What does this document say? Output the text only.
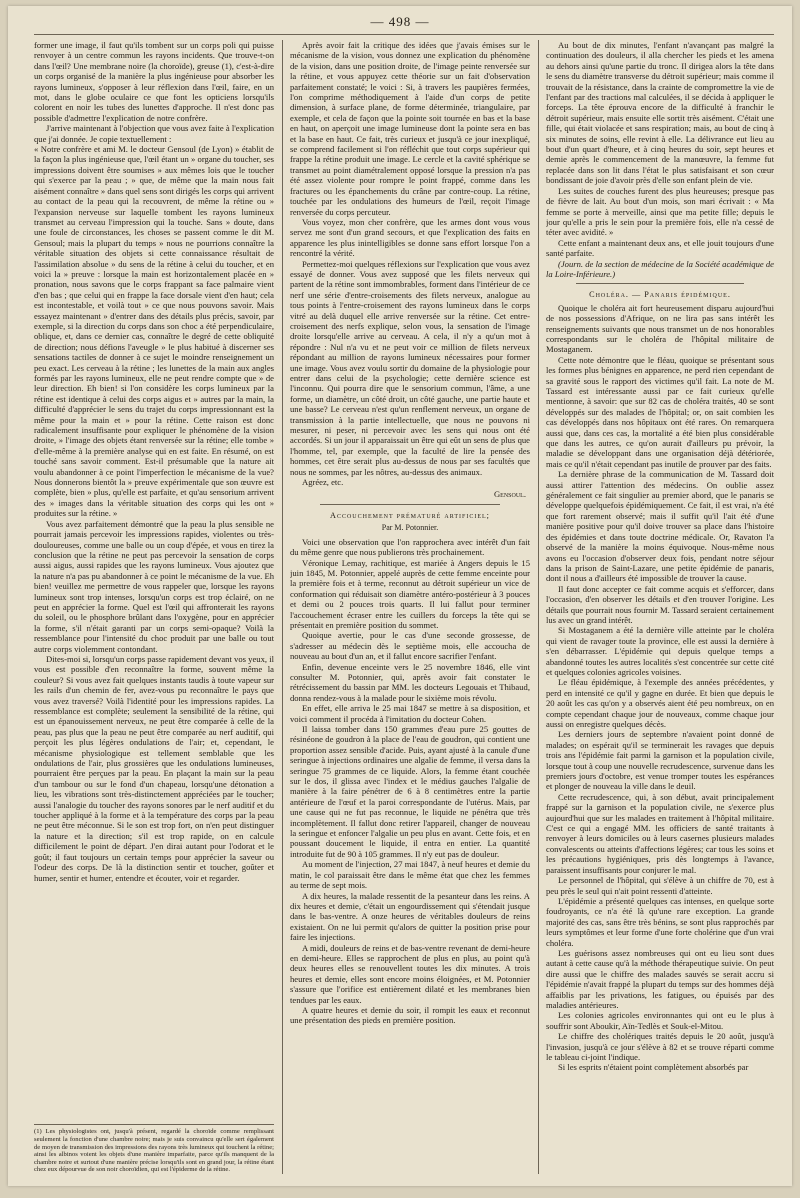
— 498 —

former une image, il faut qu'ils tombent sur un corps poli qui puisse renvoyer à un centre commun les rayons incidents. Que trouve-t-on dans l'œil? Une membrane noire (la choroïde), greuse (1), c'est-à-dire un corps organisé de la manière la plus ingénieuse pour absorber les rayons lumineux, s'opposer à leur réflexion dans l'œil, faire, en un mot, dans le globe oculaire ce que font les opticiens lorsqu'ils colorent en noir les tubes des lunettes d'approche. Il n'est donc pas possible d'admettre l'explication de notre confrère.

J'arrive maintenant à l'objection que vous avez faite à l'explication que j'ai donnée. Je copie textuellement :

« Notre confrère et ami M. le docteur Gensoul (de Lyon) » établit de la façon la plus ingénieuse que, l'œil étant un » organe du toucher, ses impressions doivent être soumises » aux mêmes lois que le toucher qui s'exerce par la peau ; » que, de même que la main nous fait aisément connaître » dans quel sens sont dirigés les corps qui arrivent au contact de la peau qui la recouvrent, de même la rétine ou » l'expansion nerveuse sur laquelle tombent les rayons lumineux transmet au cerveau l'impression qui la touche. Sans » doute, dans une foule de circonstances, les choses se passent comme le dit M. Gensoul; mais la plupart du temps » nous ne pourrions connaître la véritable situation des objets si cette connaissance résultait de l'assimilation absolue » du sens de la rétine à celui du toucher, et en voici la » preuve : lorsque la main est horizontalement placée en » pronation, nous savons que le corps frappant sa face palmaire vient d'en bas ; que celui qui en frappe la face dorsale vient d'en haut; cela est incontestable, et voilà tout » ce que nous pouvons savoir. Mais essayez maintenant » d'entrer dans des détails plus précis, savoir, par exemple, si la direction du corps dans son choc a été perpendiculaire, oblique, et, dans ce dernier cas, connaître le degré de cette obliquité de direction; nous défions l'aveugle » le plus habitué à discerner ses sensations tactiles de donner à ce sujet le moindre renseignement un peu exact. Les cerveau à la rétine ; les lunettes de la main aux angles formés par les rayons lumineux, elle ne peut rendre compte que » de leur direction. Eh bien! si l'on considère les corps lumineux par la rétine est identique à celui des corps aigus et » autres par la main, la difficulté d'apprécier le sens du trajet du corps impressionnant est la même pour la main et » pour la rétine. Cette raison est donc radicalement insuffisante pour expliquer le phénomène de la vision droite, » l'image des objets étant renversée sur la rétine; elle tombe » d'elle-même à la première analyse qui en est faite. En résumé, on est touché sans savoir comment. Est-il présumable que la nature ait voulu abandonner à ce point l'imperfection le mécanisme de la vue? Nous donnerons bientôt la » preuve expérimentale que son œuvre est complète, bien » plus, qu'elle est parfaite, et qu'au sensorium arrivent des » images dans la véritable situation des corps qui les ont » produites sur la rétine. »

Vous avez parfaitement démontré que la peau la plus sensible ne pourrait jamais percevoir les impressions rapides, violentes ou très-douloureuses, comme une balle ou un coup d'épée, et vous en tirez la conclusion que la rétine ne peut pas percevoir la sensation de corps aussi aigus, aussi rapides que les rayons lumineux. Vous ajoutez que la nature n'a pas pu abandonner à ce point le mécanisme de la vue. Eh bien! veuillez me permettre de vous rappeler que, lorsque les rayons lumineux sont trop intenses, lorsqu'un corps est trop éclairé, on ne peut en apprécier la forme. Quel est l'œil qui affronterait les rayons du soleil, ou le phosphore brûlant dans l'oxygène, pour en apprécier la forme, s'il n'était garanti par un corps semi-opaque? Voilà la ressemblance pour l'intensité du choc produit par une balle ou tout autre corps violemment contondant.

Dites-moi si, lorsqu'un corps passe rapidement devant vos yeux, il vous est possible d'en reconnaître la forme, souvent même la couleur? Si vous avez fait quelques instants taudis à toute vapeur sur les rails d'un chemin de fer, avez-vous pu reconnaître le pays que vous avez traversé? Voilà l'identité pour les impressions rapides. La ressemblance est complète; seulement la sensibilité de la rétine, qui est un épanouissement nerveux, ne peut être comparée à celle de la peau, pas plus que la peau ne peut être comparée au nerf auditif, qui perçoit les plus légères ondulations de l'air; et, cependant, le mécanisme physiologique est tellement semblable que les ondulations de l'air, plus grossières que les ondulations lumineuses, pourraient être perçues par la peau. En plaçant la main sur la peau d'un tambour ou sur le fond d'un chapeau, lorsqu'une détonation a lieu, les vibrations sont très-distinctement appréciées par le toucher; aussi l'analogie du toucher des rayons sonores par le nerf auditif et du toucher appliqué à la forme et à la température des corps par la peau ne peut être méconnue. Si le son est trop fort, on n'en peut distinguer la nature et la direction; s'il est trop rapide, on en calcule difficilement le point de départ. J'en dirai autant pour l'odorat et le goût; il faut toujours un certain temps pour apprécier la saveur ou l'odeur des corps. De là la distinction sentir et toucher, goûter et humer, sentir et humer, entendre et écouter, voir et regarder.

(1) Les physiologistes ont, jusqu'à présent, regardé la choroïde comme remplissant seulement la fonction d'une chambre noire; mais je suis convaincu qu'elle sert également de moyen de transmission des impressions des rayons très lumineux qui touchent la rétine; ainsi les albinos voient les objets d'une manière imparfaite, parce qu'ils manquent de la chambre noire et surtout d'une manière précise lorsqu'ils sont en grand jour, la rétine étant chez eux dépourvue de son noir choroïdien, qui est l'épiderme de la rétine.

Après avoir fait la critique des idées que j'avais émises sur le mécanisme de la vision, vous donnez une explication du phénomène de la vision, dans une position droite, de l'image peinte renversée sur la rétine, et vous appuyez cette théorie sur un fait d'observation parfaitement constaté; le voici : Si, à travers les paupières fermées, l'on comprime méthodiquement à l'aide d'un corps de petite dimension, à surface plane, de forme déterminée, triangulaire, par exemple, et cela de façon que la pointe soit tournée en bas et la base en haut, on aperçoit une image lumineuse dont la pointe sera en bas et la base en haut. Ce fait, très curieux et jusqu'à ce jour inexpliqué, se comprend facilement si l'on réfléchit que tout corps supérieur qui frappe la rétine produit une image. Le cercle et la cavité sphérique se transmet au point diamétralement opposé lorsque la pression n'a pas été assez violente pour rompre le point frappé, comme dans les fractures ou les épanchements du crâne par contre-coup. La rétine, touchée par les ondulations des humeurs de l'œil, reçoit l'image renversée du corps percuteur.

Vous voyez, mon cher confrère, que les armes dont vous vous servez me sont d'un grand secours, et que l'explication des faits en apparence les plus inintelligibles se donne sans effort lorsque l'on a rencontré la vérité.

Permettez-moi quelques réflexions sur l'explication que vous avez essayé de donner. Vous avez supposé que les filets nerveux qui partent de la rétine sont immombrables, forment dans l'intérieur de ce nerf une série d'entre-croisements des filets nerveux, analogue au tous points à l'entre-croisement des rayons lumineux dans le corps vitré au delà duquel elle arrive renversée sur la rétine. Cet entre-croisement des nerfs explique, selon vous, la sensation de l'image droite lorsqu'elle arrive au cerveau. A cela, il n'y a qu'un mot à répondre : Nul n'a vu et ne peut voir ce million de filets nerveux répondant au million de rayons lumineux nécessaires pour former une image. Vous avez voulu sortir du domaine de la physiologie pour entrer dans celui de la psychologie; cette dernière science est l'inconnu. Qui pourra dire que le sensorium commun, l'âme, a une forme, un diamètre, un côté droit, un côté gauche, une partie haute et une basse? Le cerveau n'est qu'un renflement nerveux, un organe de transmission à la partie intellectuelle, que nous ne pouvons ni mesurer, ni peser, ni percevoir avec les sens qui nous ont été accordés. Si un jour il apparaissait un être qui eût un sens de plus que l'homme, tel, par exemple, que la faculté de lire la pensée des hommes, cet être serait plus au-dessus de nous par ses facultés que nous ne sommes, par les nôtres, au-dessus des animaux.

Agréez, etc.

Gensoul.

Accouchement prématuré artificiel;

Par M. Potonnier.

Voici une observation que l'on rapprochera avec intérêt d'un fait du même genre que nous publierons très prochainement.

Véronique Lemay, rachitique, est mariée à Angers depuis le 15 juin 1845, M. Potonnier, appelé auprès de cette femme enceinte pour la première fois et à terme, reconnut au détroit supérieur un vice de conformation qui réduisait son diamètre antéro-postérieur à 3 pouces et demi ou 2 pouces trois quarts. Il lui fallut pour terminer l'accouchement écraser entre les cuillers du forceps la tête qui se présentait en première position du sommet.

Quoique avertie, pour le cas d'une seconde grossesse, de s'adresser au médecin dès le septième mois, elle accoucha de nouveau au bout d'un an, et il fallut encore sacrifier l'enfant.

Enfin, devenue enceinte vers le 25 novembre 1846, elle vint consulter M. Potonnier, qui, après avoir fait constater le rétrécissement du bassin par MM. les docteurs Legouais et Thibaud, donna rendez-vous à la malade pour le sixième mois révolu.

En effet, elle arriva le 25 mai 1847 se mettre à sa disposition, et voici comment il procéda à l'imitation du docteur Cohen.

Il laissa tomber dans 150 grammes d'eau pure 25 gouttes de résinéone de goudron à la place de l'eau de goudron, qui contient une proportion assez sensible d'acide. Puis, ayant ajusté à la canule d'une seringue à injections ordinaires une algalie de femme, il versa dans la seringue 75 grammes de ce liquide. Alors, la femme étant couchée sur le dos, il glissa avec l'index et le médius gauches l'algalie de manière à la faire pénétrer de 6 à 8 centimètres entre la partie antérieure de l'œuf et la paroi correspondante de l'utérus. Mais, par une cause qui ne fut pas reconnue, le liquide ne pénétra que très incomplètement. Il fallut donc retirer l'appareil, changer de nouveau la seringue et enfoncer l'algalie un peu plus en avant. Cette fois, et en poussant doucement le liquide, il entra en entier. La quantité introduite fut de 90 à 105 grammes. Il n'y eut pas de douleur.

Au moment de l'injection, 27 mai 1847, à neuf heures et demie du matin, le col paraissait être dans le même état que chez les femmes au terme de sept mois.

A dix heures, la malade ressentit de la pesanteur dans les reins. A dix heures et demie, c'était un engourdissement qui s'étendait jusque dans le bas-ventre. A onze heures de véritables douleurs de reins existaient. On ne lui permit qu'alors de quitter la position prise pour faire les injections.

A midi, douleurs de reins et de bas-ventre revenant de demi-heure en demi-heure. Elles se rapprochent de plus en plus, au point qu'à deux heures elles se renouvellent toutes les dix minutes. A trois heures et demie, elles sont encore moins éloignées, et M. Potonnier s'assure que l'orifice est entièrement dilaté et les membranes bien tendues par les eaux.

A quatre heures et demie du soir, il rompit les eaux et reconnut une présentation des pieds en première position.

Au bout de dix minutes, l'enfant n'avançant pas malgré la continuation des douleurs, il alla chercher les pieds et les amena au dehors ainsi qu'une partie du tronc. Il dirigea alors la tête dans le sens du diamètre transverse du détroit supérieur; mais comme il trouvait de la résistance, dans la crainte de compromettre la vie de l'enfant par des tractions mal calculées, il se décida à appliquer le forceps. La tête éprouva encore de la difficulté à franchir le détroit supérieur, mais ensuite elle sortit très aisément. C'était une fille, qui était violacée et sans respiration; mais, au bout de cinq à six minutes de soins, elle revint à elle. La délivrance eut lieu au bout d'un quart d'heure, et à cinq heures du soir, sept heures et demie après le commencement de la manœuvre, la femme fut replacée dans son lit dans l'état le plus satisfaisant et son cœur bondissant de joie d'avoir près d'elle son enfant plein de vie.

Les suites de couches furent des plus heureuses; presque pas de fièvre de lait. Au bout d'un mois, son mari écrivait : « Ma femme se porte à merveille, ainsi que ma petite fille; depuis le jour qu'elle a pris le sein pour la première fois, elle n'a cessé de téter avec avidité. »

Cette enfant a maintenant deux ans, et elle jouit toujours d'une santé parfaite.

(Journ. de la section de médecine de la Société académique de la Loire-Inférieure.)

Choléra. — Panaris épidémique.

Quoique le choléra ait fort heureusement disparu aujourd'hui de nos possessions d'Afrique, on ne lira pas sans intérêt les renseignements suivants que nous transmet un de nos honorables correspondants sur le choléra de l'hôpital militaire de Mostaganem.

Cette note démontre que le fléau, quoique se présentant sous les formes plus bénignes en apparence, ne perd rien cependant de sa gravité sous le rapport des victimes qu'il fait. La note de M. Tassard est intéressante aussi par ce fait curieux qu'elle mentionne, à savoir: que sur 82 cas de choléra traités, 40 se sont développés sur des malades de l'hôpital; or, on sait combien les cas développés dans nos hôpitaux ont été rares. On remarquera aussi que, dans ces cas, la mortalité a été bien plus considérable que dans les autres, ce qu'on aurait d'ailleurs pu prévoir, la maladie se développant dans une organisation déjà détériorée, mais ce qu'il n'était cependant pas inutile de prouver par des faits.

La dernière phrase de la communication de M. Tassard doit aussi attirer l'attention des médecins. On oublie assez généralement ce fait singulier au premier abord, que le panaris se développe quelquefois épidémiquement. Ce fait, il est vrai, n'a été que fort rarement observé; mais il suffit qu'il l'ait été d'une manière positive pour qu'il doive trouver sa place dans l'histoire des épidémies et dans toute doctrine médicale. Or, Ravaton l'a observé de la manière la moins équivoque. Nous-même nous avons eu l'occasion d'observer deux fois, pendant notre séjour dans la prison de Saint-Lazare, une petite épidémie de panaris, dont il nous a d'ailleurs été impossible de trouver la cause.

Il faut donc accepter ce fait comme acquis et s'efforcer, dans l'occasion, d'en observer les détails et d'en trouver l'origine. Les détails que pourrait nous fournir M. Tassard seraient certainement lus avec un grand intérêt.

Si Mostaganem a été la dernière ville atteinte par le choléra qui vient de ravager toute la province, elle est aussi la dernière à s'en débarrasser. L'épidémie qui depuis quelque temps a abandonné toutes les autres localités s'est concentrée sur cette cité et quelques colonies agricoles voisines.

Le fléau épidémique, à l'exemple des années précédentes, y perd en intensité ce qu'il y gagne en durée. Et bien que depuis le 20 août les cas qu'on y a observés aient été peu nombreux, on en compte cependant chaque jour de nouveaux, comme chaque jour aussi on enregistre quelques décès.

Les derniers jours de septembre n'avaient point donné de malades; on espérait qu'il se terminerait les ravages que depuis trois ans l'épidémie fait parmi la garnison et la population civile, lorsque tout à coup une nouvelle recrudescence, survenue dans les premiers jours d'octobre, est venue tromper toutes les espérances et plonger de nouveau la ville dans le deuil.

Cette recrudescence, qui, à son début, avait principalement frappé sur la garnison et la population civile, ne s'exerce plus aujourd'hui que sur les malades en traitement à l'hôpital militaire. C'est ce qui a engagé MM. les officiers de santé traitants à renvoyer à leurs domiciles ou à leurs casernes plusieurs malades convalescents ou atteints d'affections légères; car tous les soins et les précautions hygiéniques, pris dès longtemps à l'avance, paraissent insuffisants pour conjurer le mal.

Le personnel de l'hôpital, qui s'élève à un chiffre de 70, est à peu près le seul qui n'ait point ressenti d'atteinte.

L'épidémie a présenté quelques cas intenses, en quelque sorte foudroyants, ce n'a été là qu'une rare exception. La grande majorité des cas, sans être très bénins, se sont plus rapprochés par leurs symptômes et leur forme d'une forte cholérine que d'un vrai choléra.

Les guérisons assez nombreuses qui ont eu lieu sont dues autant à cette cause qu'à la méthode thérapeutique suivie. On peut dire aussi que le chiffre des malades sauvés se serait accru si l'épidémie n'avait frappé la plupart du temps sur des hommes déjà affaiblis par les privations, les fatigues, ou épuisés par des maladies antérieures.

Les colonies agricoles environnantes qui ont eu le plus à souffrir sont Aboukir, Aïn-Tedlès et Souk-el-Mitou.

Le chiffre des cholériques traités depuis le 20 août, jusqu'à l'invasion, jusqu'à ce jour s'élève à 82 et se trouve réparti comme le tableau ci-joint l'indique.

Si les esprits n'étaient point complètement absorbés par
